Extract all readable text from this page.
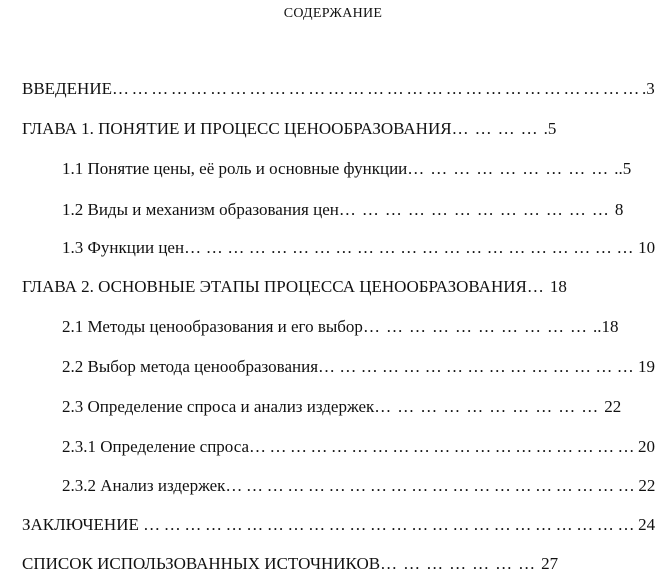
СОДЕРЖАНИЕ
ВВЕДЕНИЕ……………………………………………………………………….3
ГЛАВА 1. ПОНЯТИЕ И ПРОЦЕСС ЦЕНООБРАЗОВАНИЯ………….5
1.1 Понятие цены, её роль и основные функции………………………..5
1.2 Виды и механизм образования цен………………………………8
1.3 Функции цен………………………………………………………10
ГЛАВА 2. ОСНОВНЫЕ ЭТАПЫ ПРОЦЕССА ЦЕНООБРАЗОВАНИЯ…18
2.1 Методы ценообразования и его выбор…………………………..18
2.2 Выбор метода ценообразования………………………………………19
2.3 Определение спроса и анализ издержек…………………………22
2.3.1 Определение спроса…………………………………………………20
2.3.2 Анализ издержек……………………………………………………22
ЗАКЛЮЧЕНИЕ ………………………………………………………………24
СПИСОК ИСПОЛЬЗОВАННЫХ ИСТОЧНИКОВ…………………27
